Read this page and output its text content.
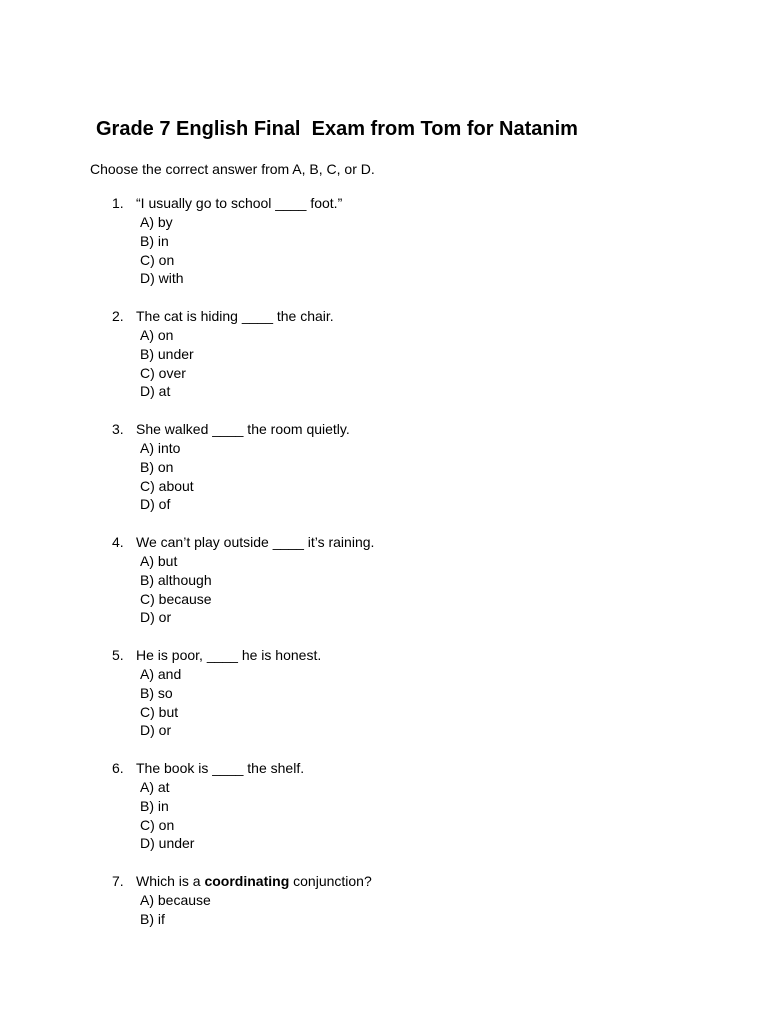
Grade 7 English Final  Exam from Tom for Natanim
Choose the correct answer from A, B, C, or D.
1. “I usually go to school ____ foot.”
A) by
B) in
C) on
D) with
2. The cat is hiding ____ the chair.
A) on
B) under
C) over
D) at
3. She walked ____ the room quietly.
A) into
B) on
C) about
D) of
4. We can’t play outside ____ it’s raining.
A) but
B) although
C) because
D) or
5. He is poor, ____ he is honest.
A) and
B) so
C) but
D) or
6. The book is ____ the shelf.
A) at
B) in
C) on
D) under
7. Which is a coordinating conjunction?
A) because
B) if
